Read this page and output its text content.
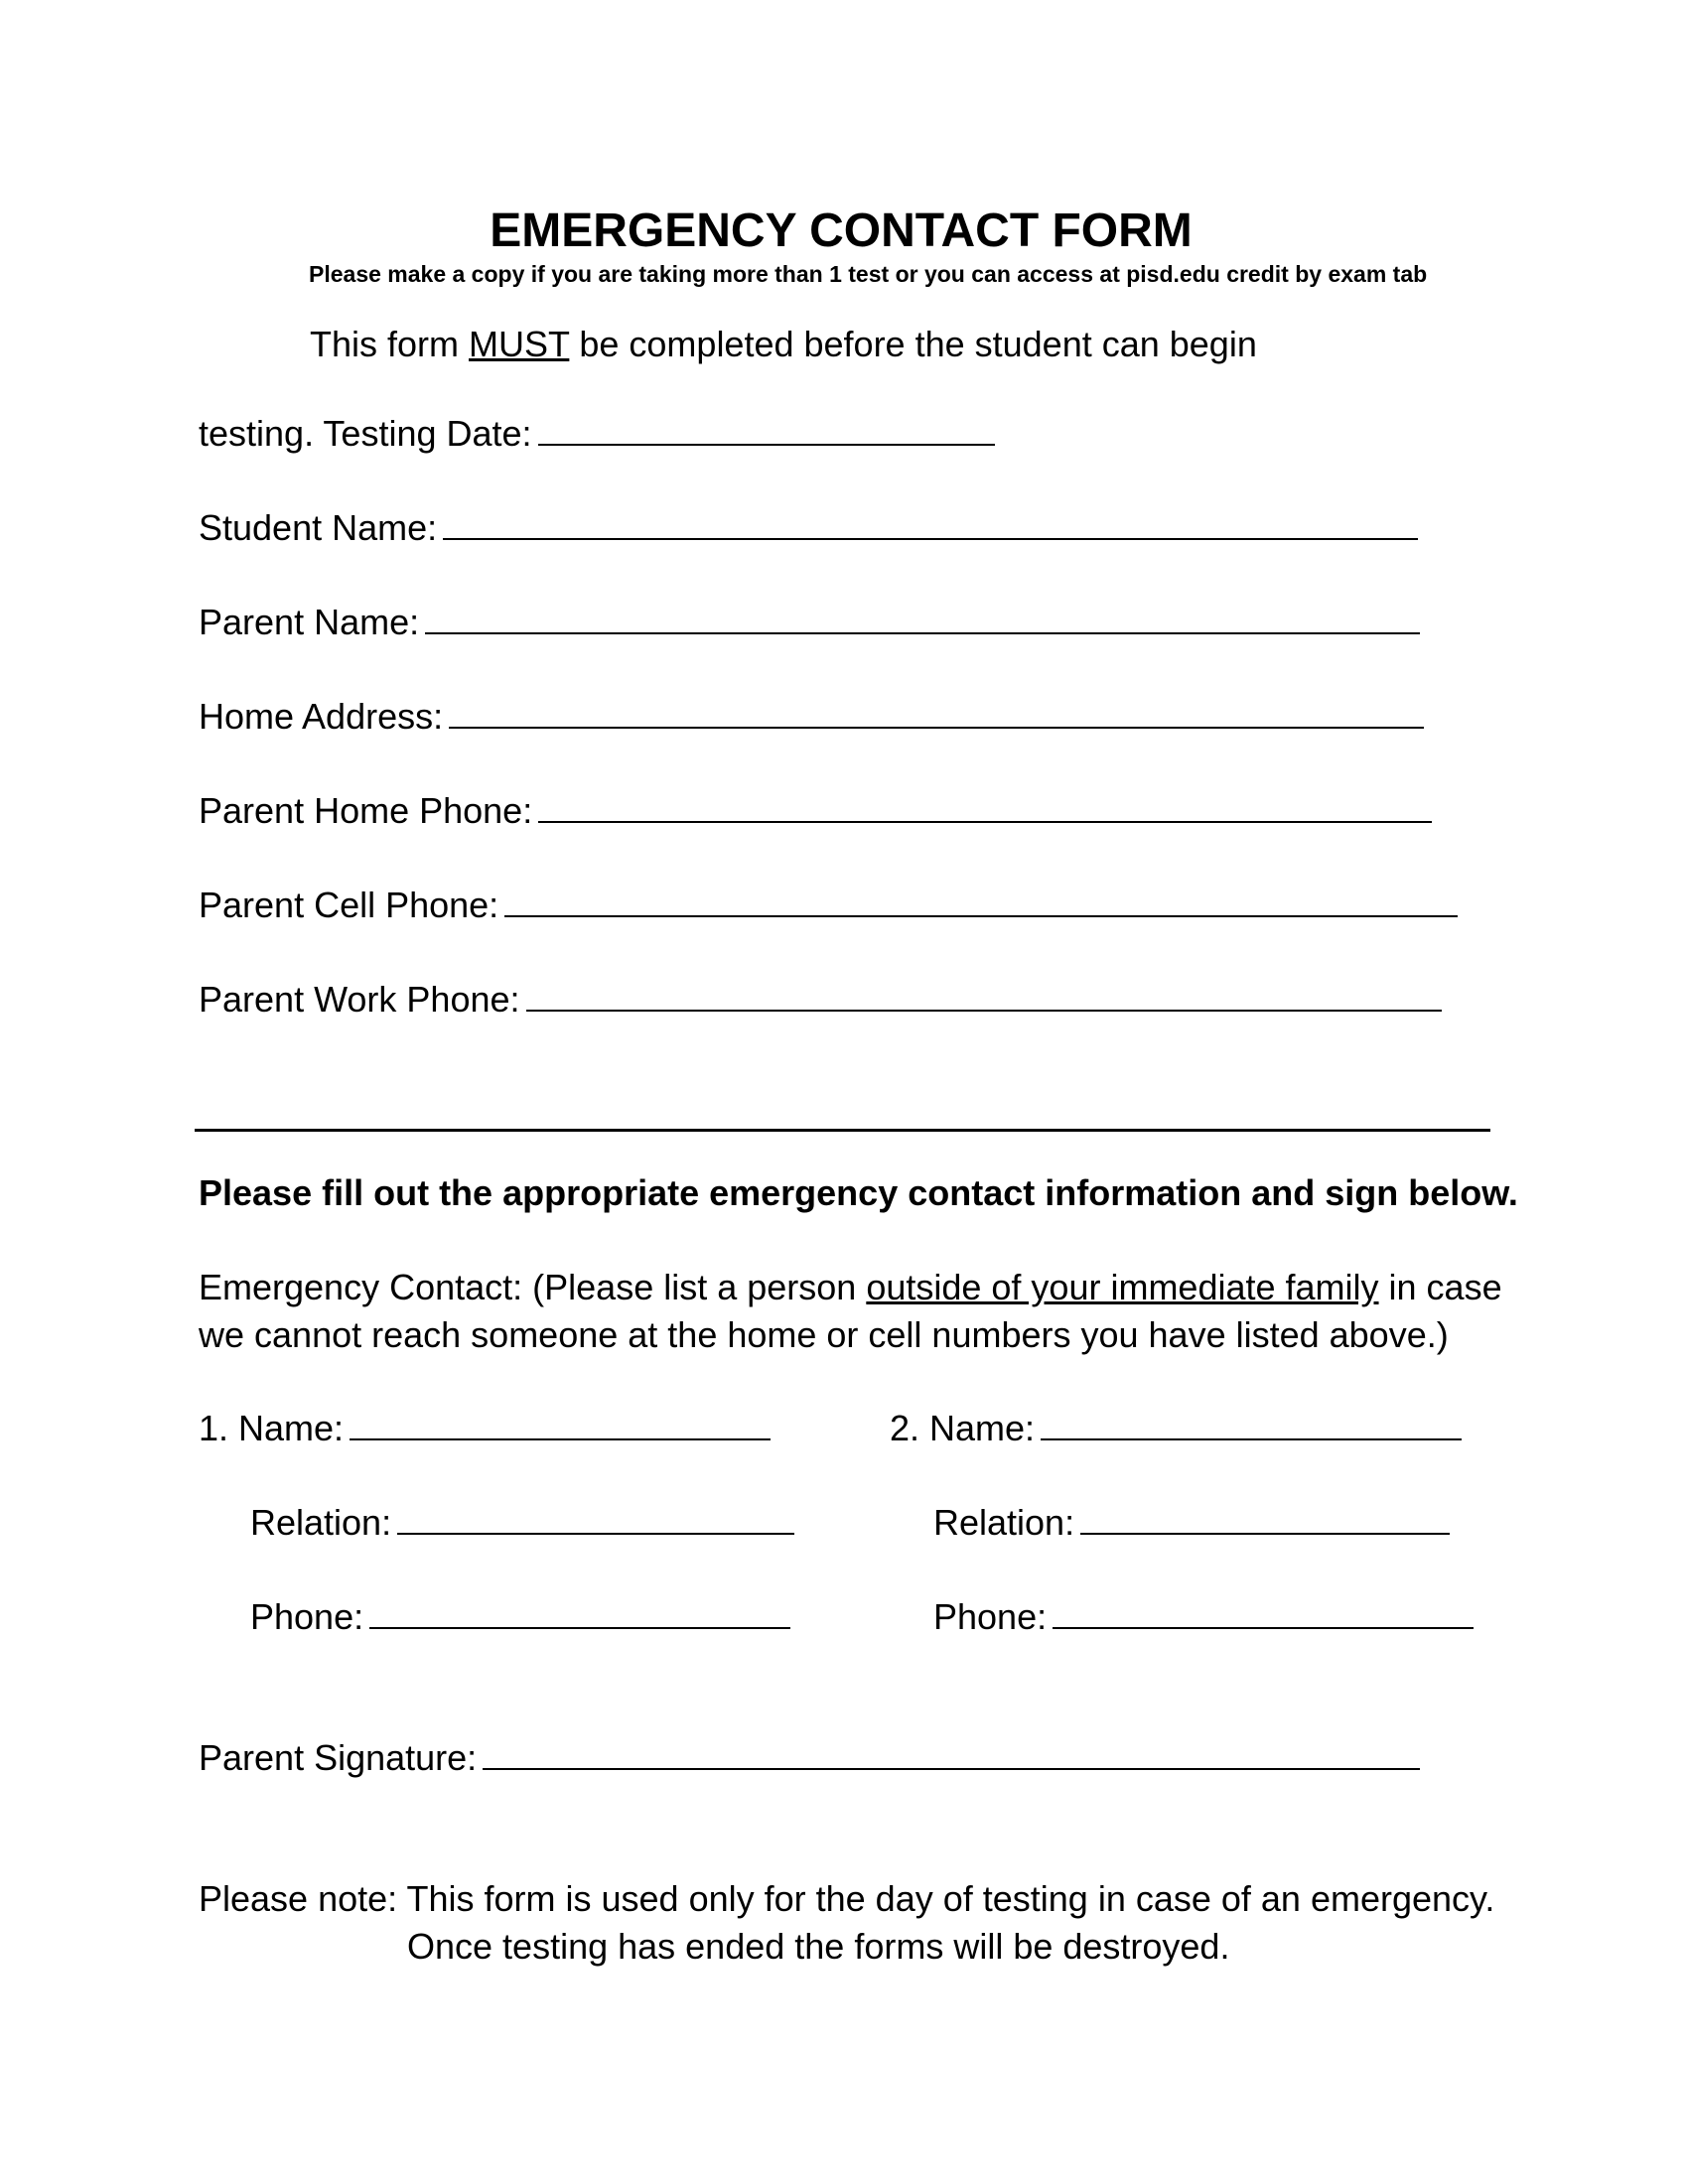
EMERGENCY CONTACT FORM
Please make a copy if you are taking more than 1 test or you can access at pisd.edu credit by exam tab
This form MUST be completed before the student can begin
testing. Testing Date:
Student Name:
Parent Name:
Home Address:
Parent Home Phone:
Parent Cell Phone:
Parent Work Phone:
Please fill out the appropriate emergency contact information and sign below.
Emergency Contact: (Please list a person outside of your immediate family in case
we cannot reach someone at the home or cell numbers you have listed above.)
1. Name:
Relation:
Phone:
2. Name:
Relation:
Phone:
Parent Signature:
Please note: This form is used only for the day of testing in case of an emergency.
Once testing has ended the forms will be destroyed.
